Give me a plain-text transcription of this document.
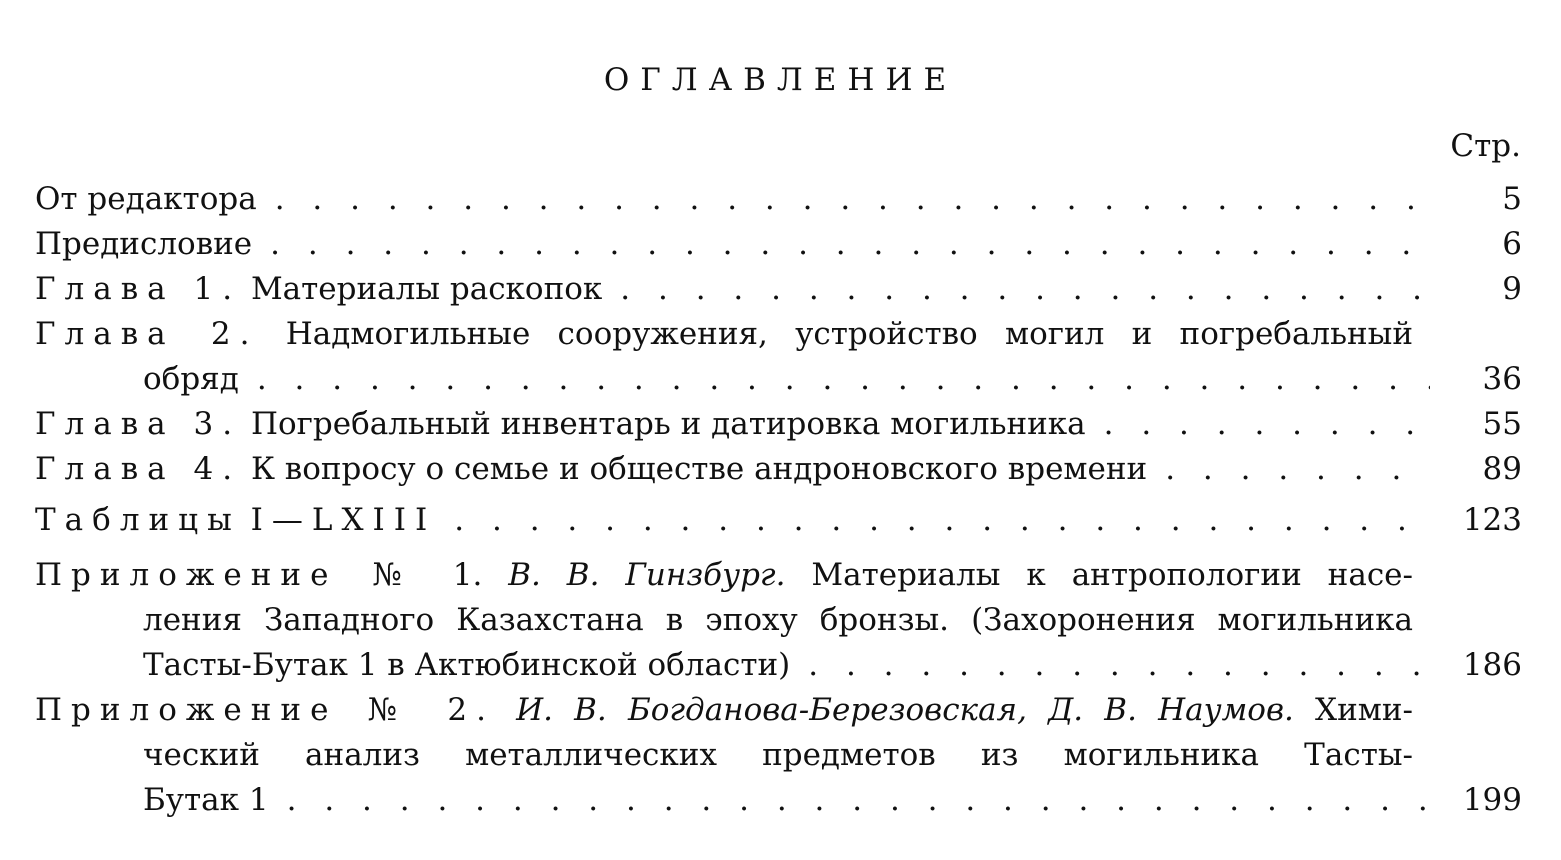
ОГЛАВЛЕНИЕ
Стр.
От редактора . . .	5
Предисловие . . .	6
Глава 1. Материалы раскопок . . .	9
Глава 2. Надмогильные сооружения, устройство могил и погребальный
обряд . . .	36
Глава 3. Погребальный инвентарь и датировка могильника . . .	55
Глава 4. К вопросу о семье и обществе андроновского времени . . .	89
Таблицы I—LXIII . . .	123
Приложение № 1. В. В. Гинзбург. Материалы к антропологии насе-
ления Западного Казахстана в эпоху бронзы. (Захоронения могильника
Тасты-Бутак 1 в Актюбинской области) . . .	186
Приложение № 2. И. В. Богданова-Березовская, Д. В. Наумов. Хими-
ческий анализ металлических предметов из могильника Тасты-
Бутак 1 . . .	199
